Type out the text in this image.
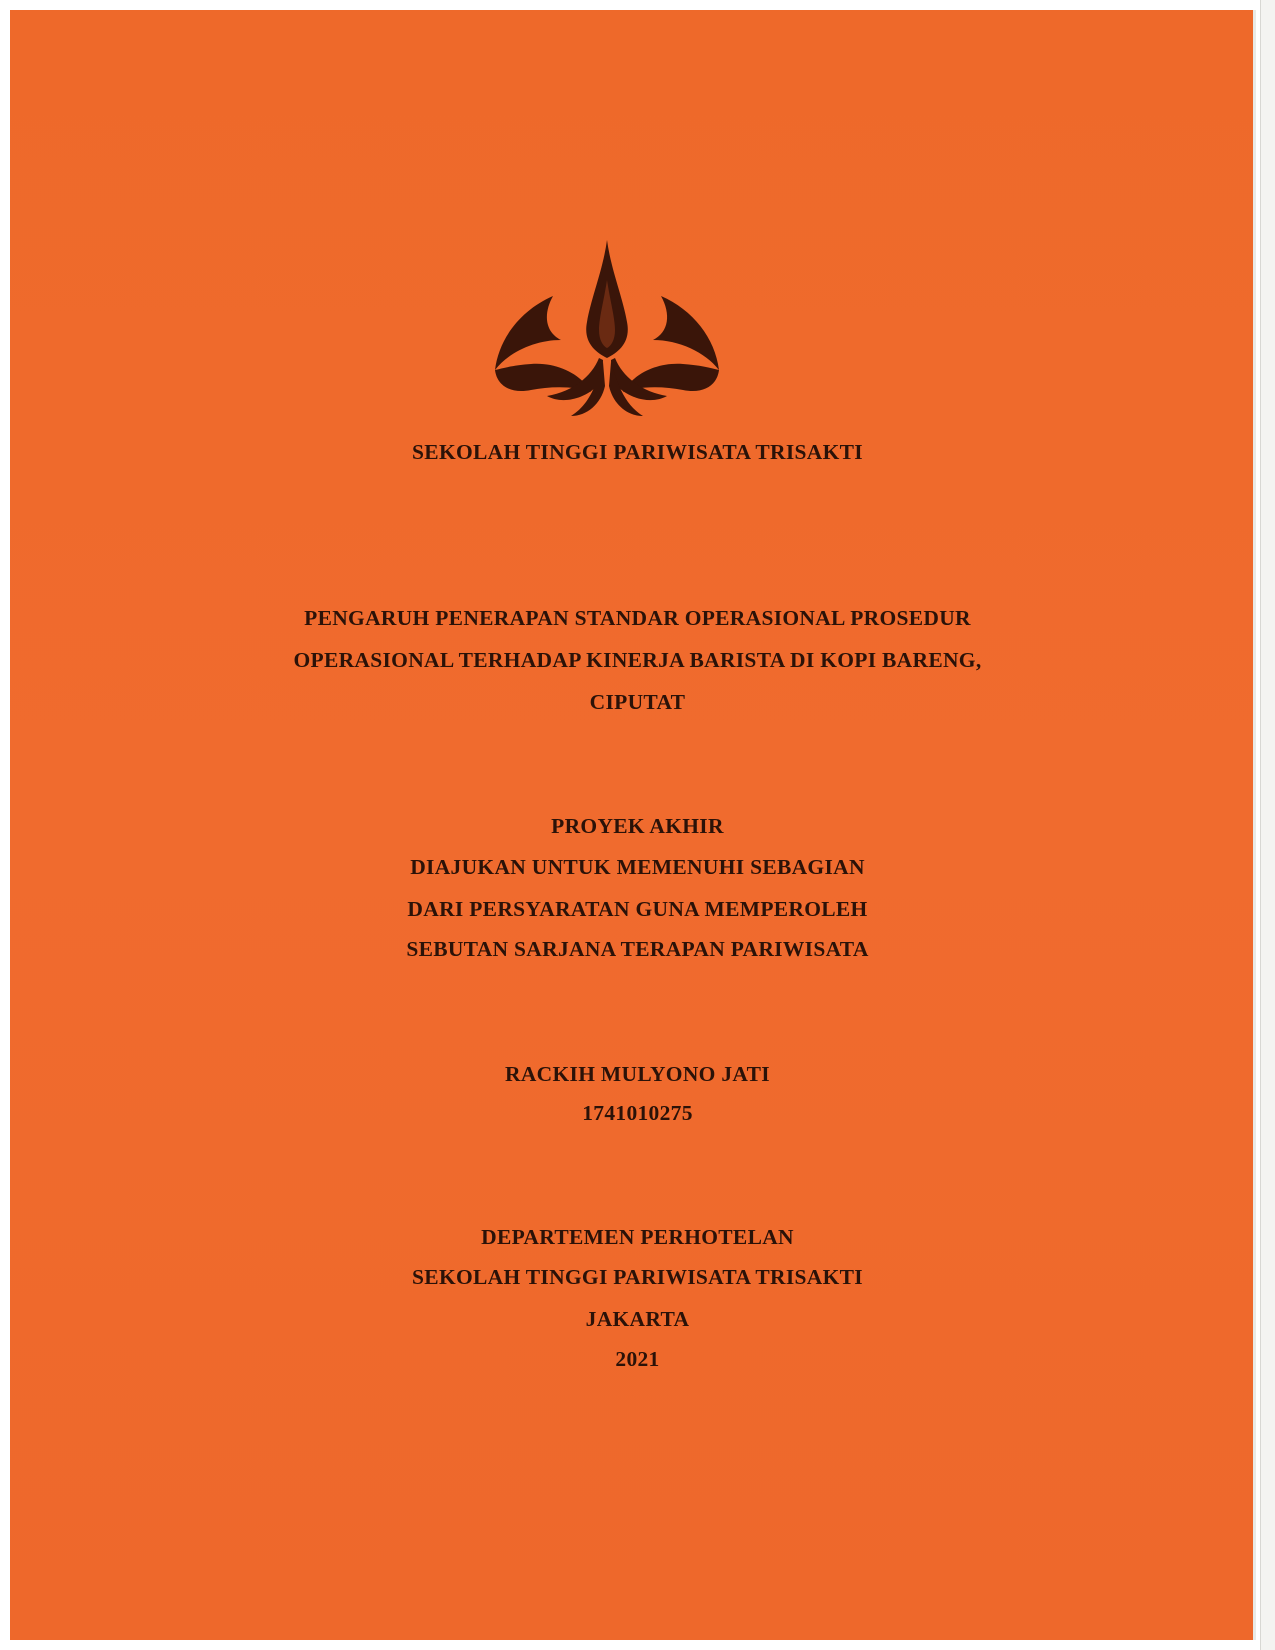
SEKOLAH TINGGI PARIWISATA TRISAKTI
PENGARUH PENERAPAN STANDAR OPERASIONAL PROSEDUR
OPERASIONAL TERHADAP KINERJA BARISTA DI KOPI BARENG,
CIPUTAT
PROYEK AKHIR
DIAJUKAN UNTUK MEMENUHI SEBAGIAN
DARI PERSYARATAN GUNA MEMPEROLEH
SEBUTAN SARJANA TERAPAN PARIWISATA
RACKIH MULYONO JATI
1741010275
DEPARTEMEN PERHOTELAN
SEKOLAH TINGGI PARIWISATA TRISAKTI
JAKARTA
2021
